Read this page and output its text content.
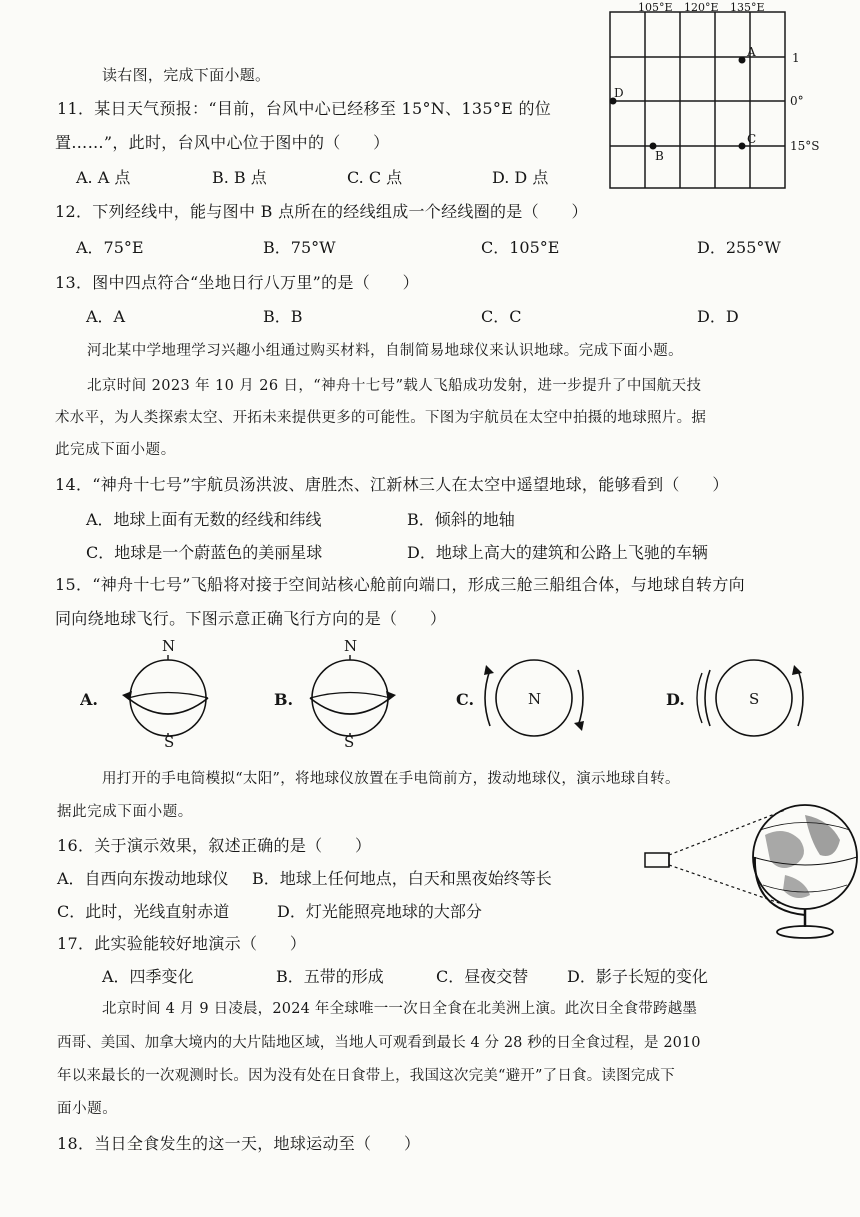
105°E 120°E 135°E
1
0°
15°S
A
B
C
D
读右图，完成下面小题。
11．某日天气预报：“目前，台风中心已经移至 15°N、135°E 的位
置……”，此时，台风中心位于图中的（　　）
A. A 点	B. B 点	C. C 点	D. D 点
12．下列经线中，能与图中 B 点所在的经线组成一个经线圈的是（　　）
A．75°E	B．75°W	C．105°E	D．255°W
13．图中四点符合“坐地日行八万里”的是（　　）
A．A	B．B	C．C	D．D
河北某中学地理学习兴趣小组通过购买材料，自制简易地球仪来认识地球。完成下面小题。
北京时间 2023 年 10 月 26 日，“神舟十七号”载人飞船成功发射，进一步提升了中国航天技
术水平，为人类探索太空、开拓未来提供更多的可能性。下图为宇航员在太空中拍摄的地球照片。据
此完成下面小题。
14．“神舟十七号”宇航员汤洪波、唐胜杰、江新林三人在太空中遥望地球，能够看到（　　）
A．地球上面有无数的经线和纬线	B．倾斜的地轴
C．地球是一个蔚蓝色的美丽星球	D．地球上高大的建筑和公路上飞驰的车辆
15．“神舟十七号”飞船将对接于空间站核心舱前向端口，形成三舱三船组合体，与地球自转方向
同向绕地球飞行。下图示意正确飞行方向的是（　　）
A.
N
S
B.
N
S
C.	N	D.	S
用打开的手电筒模拟“太阳”，将地球仪放置在手电筒前方，拨动地球仪，演示地球自转。
据此完成下面小题。
16．关于演示效果，叙述正确的是（　　）
A．自西向东拨动地球仪 B．地球上任何地点，白天和黑夜始终等长
C．此时，光线直射赤道	D．灯光能照亮地球的大部分
17．此实验能较好地演示（　　）
A．四季变化	B．五带的形成	C．昼夜交替 D．影子长短的变化
北京时间 4 月 9 日凌晨，2024 年全球唯一一次日全食在北美洲上演。此次日全食带跨越墨
西哥、美国、加拿大境内的大片陆地区域，当地人可观看到最长 4 分 28 秒的日全食过程，是 2010
年以来最长的一次观测时长。因为没有处在日食带上，我国这次完美“避开”了日食。读图完成下
面小题。
18．当日全食发生的这一天，地球运动至（　　）
